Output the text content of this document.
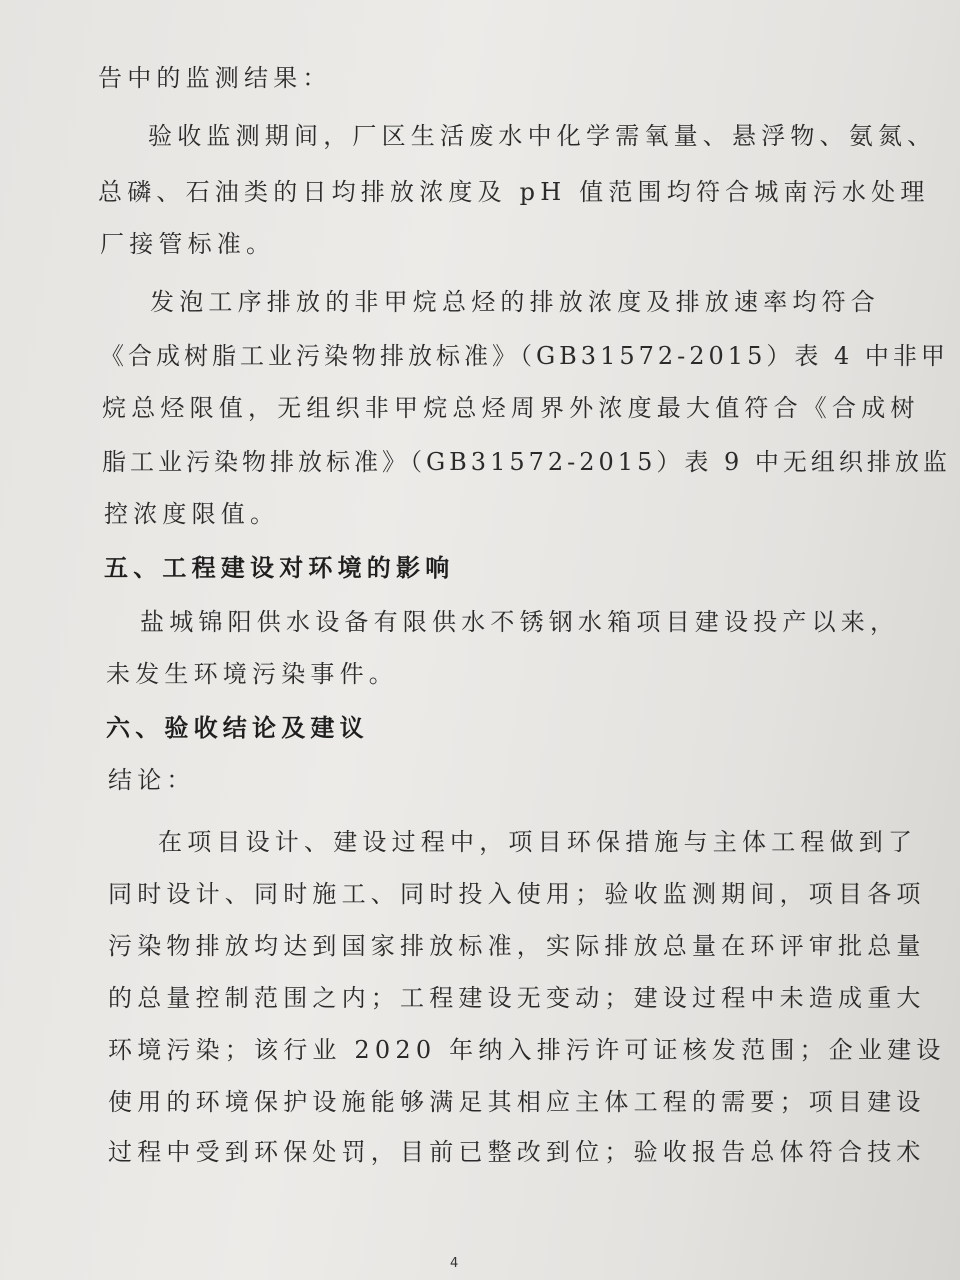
告中的监测结果：
验收监测期间，厂区生活废水中化学需氧量、悬浮物、氨氮、
总磷、石油类的日均排放浓度及 pH 值范围均符合城南污水处理
厂接管标准。
发泡工序排放的非甲烷总烃的排放浓度及排放速率均符合
《合成树脂工业污染物排放标准》（GB31572-2015）表 4 中非甲
烷总烃限值，无组织非甲烷总烃周界外浓度最大值符合《合成树
脂工业污染物排放标准》（GB31572-2015）表 9 中无组织排放监
控浓度限值。
五、工程建设对环境的影响
盐城锦阳供水设备有限供水不锈钢水箱项目建设投产以来，
未发生环境污染事件。
六、验收结论及建议
结论：
在项目设计、建设过程中，项目环保措施与主体工程做到了
同时设计、同时施工、同时投入使用；验收监测期间，项目各项
污染物排放均达到国家排放标准，实际排放总量在环评审批总量
的总量控制范围之内；工程建设无变动；建设过程中未造成重大
环境污染；该行业 2020 年纳入排污许可证核发范围；企业建设
使用的环境保护设施能够满足其相应主体工程的需要；项目建设
过程中受到环保处罚，目前已整改到位；验收报告总体符合技术
4
